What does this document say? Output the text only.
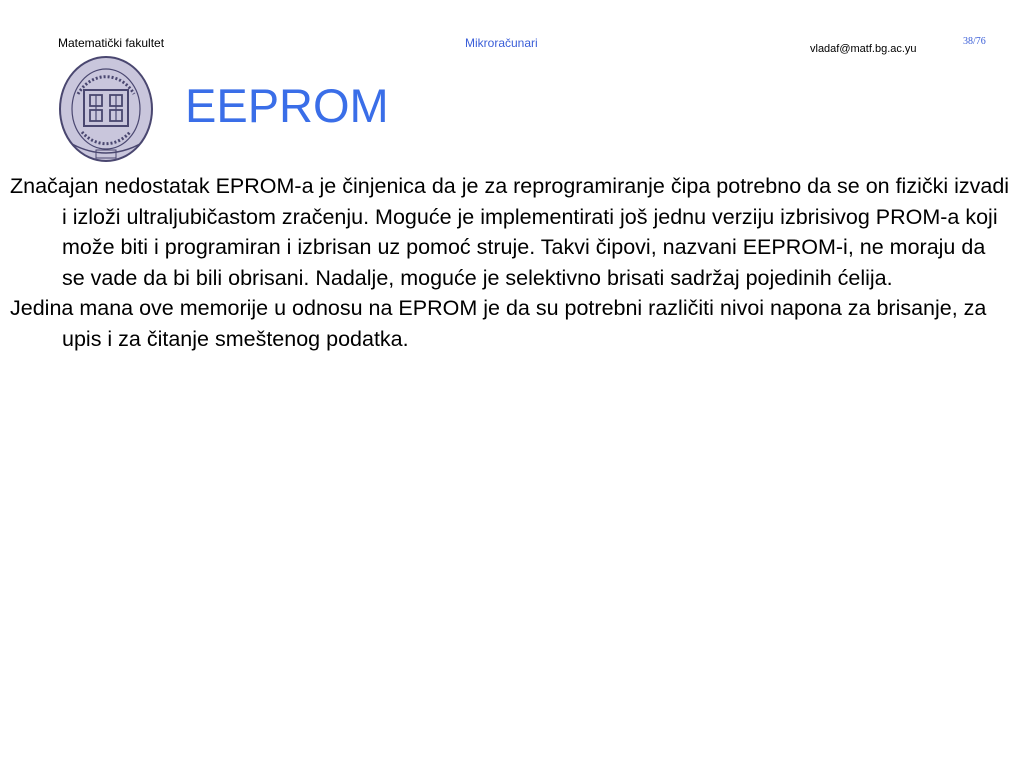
Matematički fakultet	Mikroračunari	vladaf@matf.bg.ac.yu
38/76
EEPROM

Značajan nedostatak EPROM-a je činjenica da je za reprogramiranje čipa potrebno da se on fizički izvadi i izloži ultraljubičastom zračenju. Moguće je implementirati još jednu verziju izbrisivog PROM-a koji može biti i programiran i izbrisan uz pomoć struje. Takvi čipovi, nazvani EEPROM-i, ne moraju da se vade da bi bili obrisani. Nadalje, moguće je selektivno brisati sadržaj pojedinih ćelija.

Jedina mana ove memorije u odnosu na EPROM je da su potrebni različiti nivoi napona za brisanje, za upis i za čitanje smeštenog podatka.
